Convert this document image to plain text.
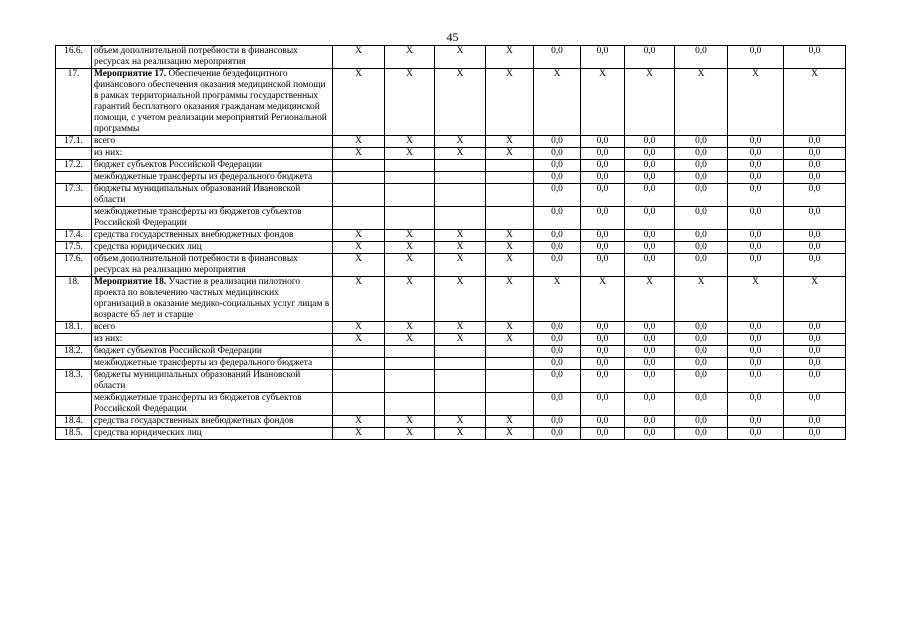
45
16.6.	объем дополнительной потребности в финансовых ресурсах на реализацию мероприятия	X	X	X	X	0,0	0,0	0,0	0,0	0,0	0,0
17.	Мероприятие 17. Обеспечение бездефицитного финансового обеспечения оказания медицинской помощи в рамках территориальной программы государственных гарантий бесплатного оказания гражданам медицинской помощи, с учетом реализации мероприятий Региональной программы	X	X	X	X	X	X	X	X	X	X
17.1.	всего	X	X	X	X	0,0	0,0	0,0	0,0	0,0	0,0
	из них:	X	X	X	X	0,0	0,0	0,0	0,0	0,0	0,0
17.2.	бюджет субъектов Российской Федерации					0,0	0,0	0,0	0,0	0,0	0,0
	межбюджетные трансферты из федерального бюджета					0,0	0,0	0,0	0,0	0,0	0,0
17.3.	бюджеты муниципальных образований Ивановской области					0,0	0,0	0,0	0,0	0,0	0,0
	межбюджетные трансферты из бюджетов субъектов Российской Федерации					0,0	0,0	0,0	0,0	0,0	0,0
17.4.	средства государственных внебюджетных фондов	X	X	X	X	0,0	0,0	0,0	0,0	0,0	0,0
17.5.	средства юридических лиц	X	X	X	X	0,0	0,0	0,0	0,0	0,0	0,0
17.6.	объем дополнительной потребности в финансовых ресурсах на реализацию мероприятия	X	X	X	X	0,0	0,0	0,0	0,0	0,0	0,0
18.	Мероприятие 18. Участие в реализации пилотного проекта по вовлечению частных медицинских организаций в оказание медико-социальных услуг лицам в возрасте 65 лет и старше	X	X	X	X	X	X	X	X	X	X
18.1.	всего	X	X	X	X	0,0	0,0	0,0	0,0	0,0	0,0
	из них:	X	X	X	X	0,0	0,0	0,0	0,0	0,0	0,0
18.2.	бюджет субъектов Российской Федерации					0,0	0,0	0,0	0,0	0,0	0,0
	межбюджетные трансферты из федерального бюджета					0,0	0,0	0,0	0,0	0,0	0,0
18.3.	бюджеты муниципальных образований Ивановской области					0,0	0,0	0,0	0,0	0,0	0,0
	межбюджетные трансферты из бюджетов субъектов Российской Федерации					0,0	0,0	0,0	0,0	0,0	0,0
18.4.	средства государственных внебюджетных фондов	X	X	X	X	0,0	0,0	0,0	0,0	0,0	0,0
18.5.	средства юридических лиц	X	X	X	X	0,0	0,0	0,0	0,0	0,0	0,0
